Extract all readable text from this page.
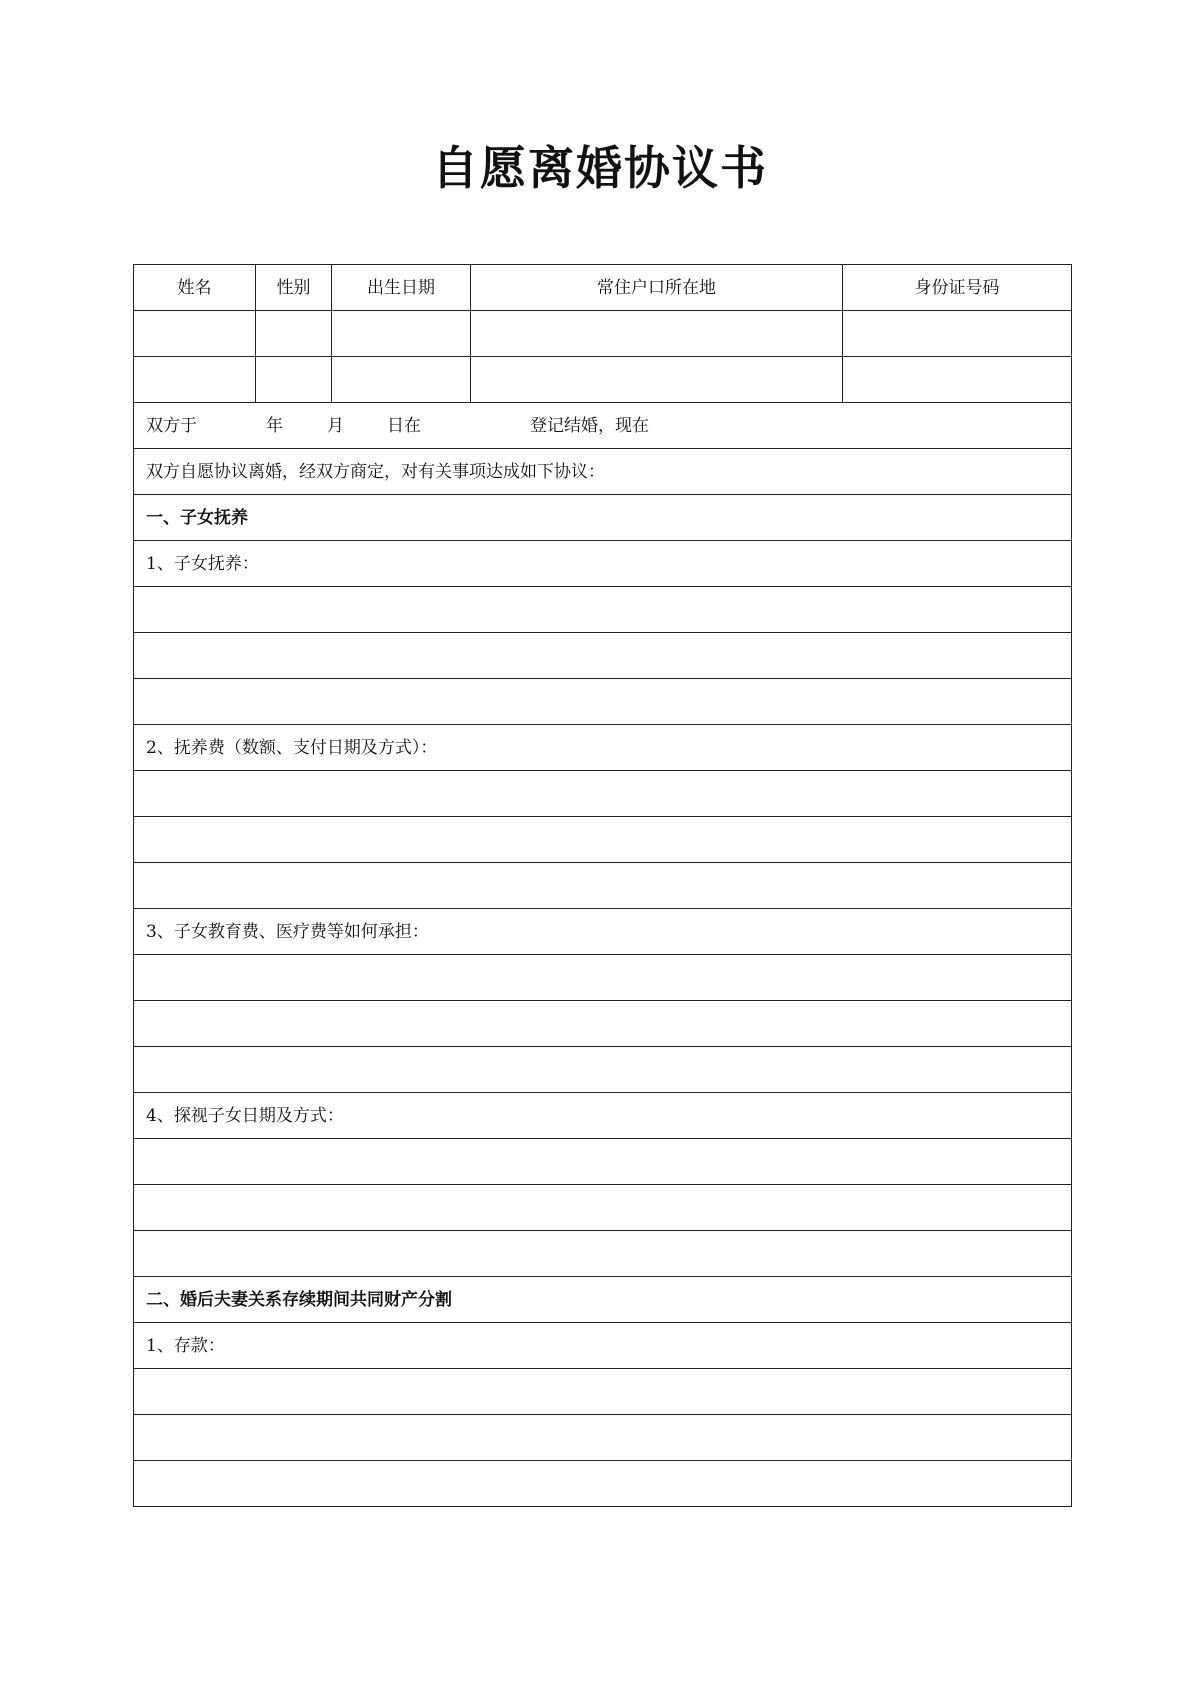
自愿离婚协议书
姓名	性别	出生日期	常住户口所在地	身份证号码

双方于 年 月 日在 登记结婚，现在				
双方自愿协议离婚，经双方商定，对有关事项达成如下协议：				
一、子女抚养				
1、子女抚养：				

2、抚养费（数额、支付日期及方式）：				

3、子女教育费、医疗费等如何承担：				

4、探视子女日期及方式：				

二、婚后夫妻关系存续期间共同财产分割				
1、存款：				
